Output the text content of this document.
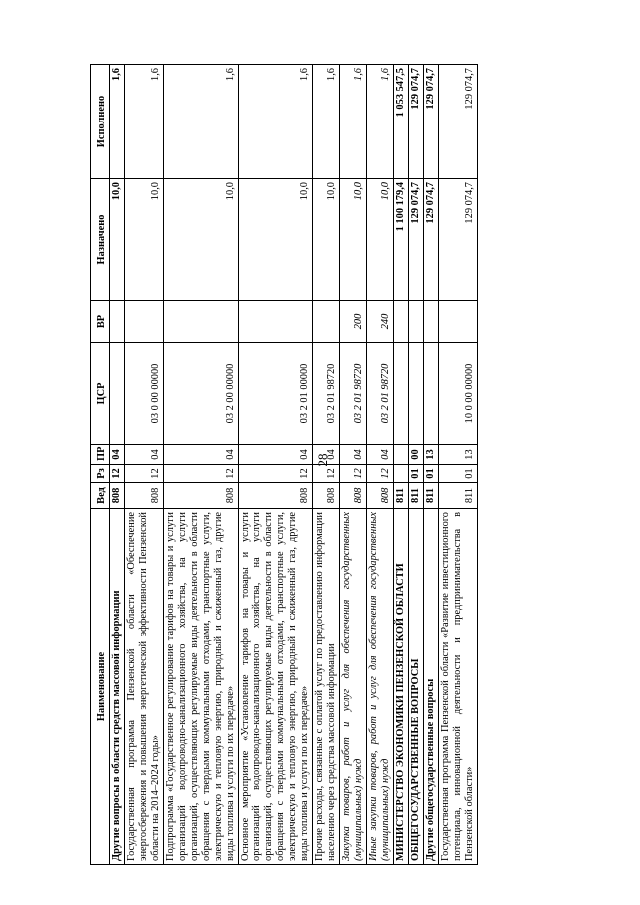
28
Наименование	Вед	Рз	ПР	ЦСР	ВР	Назначено	Исполнено
Другие вопросы в области средств массовой информации	808	12	04			10,0	1,6
Государственная программа Пензенской области «Обеспечение энергосбережения и повышения энергетической эффективности Пензенской области на 2014–2024 годы»	808	12	04	03 0 00 00000		10,0	1,6
Подпрограмма «Государственное регулирование тарифов на товары и услуги организаций водопроводно-канализационного хозяйства, на услуги организаций, осуществляющих регулируемые виды деятельности в области обращения с твердыми коммунальными отходами, транспортные услуги, электрическую и тепловую энергию, природный и сжиженный газ, другие виды топлива и услуги по их передаче»	808	12	04	03 2 00 00000		10,0	1,6
Основное мероприятие «Установление тарифов на товары и услуги организаций водопроводно-канализационного хозяйства, на услуги организаций, осуществляющих регулируемые виды деятельности в области обращения с твердыми коммунальными отходами, транспортные услуги, электрическую и тепловую энергию, природный и сжиженный газ, другие виды топлива и услуги по их передаче»	808	12	04	03 2 01 00000		10,0	1,6
Прочие расходы, связанные с оплатой услуг по предоставлению информации населению через средства массовой информации	808	12	04	03 2 01 98720		10,0	1,6
Закупка товаров, работ и услуг для обеспечения государственных (муниципальных) нужд	808	12	04	03 2 01 98720	200	10,0	1,6
Иные закупки товаров, работ и услуг для обеспечения государственных (муниципальных) нужд	808	12	04	03 2 01 98720	240	10,0	1,6
МИНИСТЕРСТВО ЭКОНОМИКИ ПЕНЗЕНСКОЙ ОБЛАСТИ	811					1 100 179,4	1 053 547,5
ОБЩЕГОСУДАРСТВЕННЫЕ ВОПРОСЫ	811	01	00			129 074,7	129 074,7
Другие общегосударственные вопросы	811	01	13			129 074,7	129 074,7
Государственная программа Пензенской области «Развитие инвестиционного потенциала, инновационной деятельности и предпринимательства в Пензенской области»	811	01	13	10 0 00 00000		129 074,7	129 074,7
